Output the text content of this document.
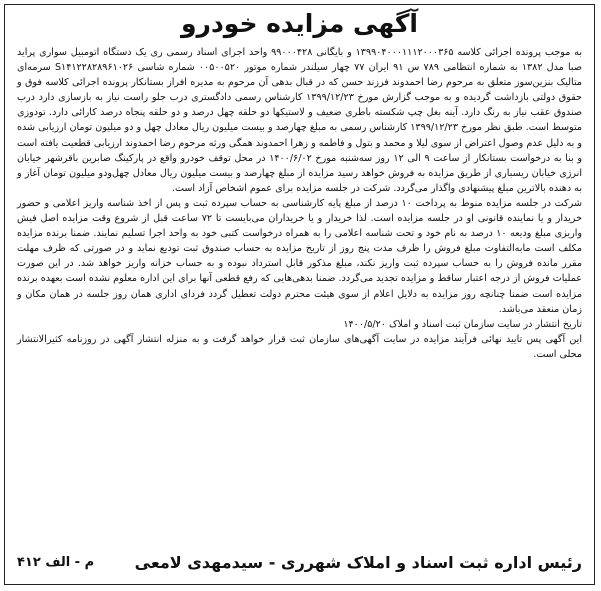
آگهی مزایده خودرو

به موجب پرونده اجرائی کلاسه ۱۳۹۹۰۴۰۰۰۱۱۱۲۰۰۰۳۶۵ و بایگانی ۹۹۰۰۰۴۲۸ واحد اجرای اسناد رسمی ری یک دستگاه اتومبیل سواری پراید صبا مدل ۱۳۸۲ به شماره انتظامی ۷۸۹ س ۹۱ ایران ۷۷ چهار سیلندر شماره موتور ۰۰۵۰۰۵۲۰ شماره شاسی S۱۴۱۲۲۸۲۸۹۶۱۰۲۶ سرمه‌ای متالیک بنزین‌سوز متعلق به مرحوم رضا احمدوند فرزند حسن که در قبال بدهی آن مرحوم به مدیره افراز بستانکار پرونده اجرائی کلاسه فوق و حقوق دولتی بازداشت گردیده و به موجب گزارش مورخ ۱۳۹۹/۱۲/۲۳ کارشناس رسمی دادگستری درب جلو راست نیاز به بازسازی دارد درب صندوق عقب نیاز به رنگ دارد. آینه بغل چپ شکسته باطری ضعیف و لاستیکها دو حلقه چهل درصد و دو حلقه پنجاه درصد کارائی دارد. تودوزی متوسط است. طبق نظر مورخ ۱۳۹۹/۱۲/۲۳ کارشناس رسمی به مبلغ چهارصد و بیست میلیون ریال معادل چهل و دو میلیون تومان ارزیابی شده و به دلیل عدم وصول اعتراض از سوی لیلا و محمد و بتول و فاطمه و زهرا احمدوند همگی ورثه مرحوم رضا احمدوند ارزیابی قطعیت یافته است و بنا به درخواست بستانکار از ساعت ۹ الی ۱۲ روز سه‌شنبه مورخ ۱۴۰۰/۶/۰۲ در محل توقف خودرو واقع در پارکینگ صابرین باقرشهر خیابان انرژی خیابان ریسباری از طریق مزایده به فروش خواهد رسید مزایده از مبلغ چهارصد و بیست میلیون ریال معادل چهل‌ودو میلیون تومان آغاز و به دهنده بالاترین مبلغ پیشنهادی واگذار می‌گردد. شرکت در جلسه مزایده برای عموم اشخاص آزاد است.

شرکت در جلسه مزایده منوط به پرداخت ۱۰ درصد از مبلغ پایه کارشناسی به حساب سپرده ثبت و پس از اخذ شناسه واریز اعلامی و حضور خریدار و یا نماینده قانونی او در جلسه مزایده است. لذا خریدار و یا خریداران می‌بایست تا ۷۲ ساعت قبل از شروع وقت مزایده اصل فیش واریزی مبلغ ودیعه ۱۰ درصد به نام خود و تحت شناسه اعلامی را به همراه درخواست کتبی خود به واحد اجرا تسلیم نمایند. ضمنا برنده مزایده مکلف است مابه‌التفاوت مبلغ فروش را ظرف مدت پنج روز از تاریخ مزایده به حساب صندوق ثبت تودیع نماید و در صورتی که ظرف مهلت مقرر مانده فروش را به حساب سپرده ثبت واریز نکند، مبلغ مذکور قابل استرداد نبوده و به حساب خزانه واریز خواهد شد. در این صورت عملیات فروش از درجه اعتبار ساقط و مزایده تجدید می‌گردد. ضمنا بدهی‌هایی که رفع قطعی آنها برای این اداره معلوم نشده است بعهده برنده مزایده است ضمنا چنانچه روز مزایده به دلایل اعلام از سوی هیئت محترم دولت تعطیل گردد فردای اداری همان روز جلسه در همان مکان و زمان منعقد می‌باشد.

تاریخ انتشار در سایت سازمان ثبت اسناد و املاک ۱۴۰۰/۵/۲۰

این آگهی پس تایید نهائی فرآیند مزایده در سایت آگهی‌های سازمان ثبت قرار خواهد گرفت و به منزله انتشار آگهی در روزنامه کثیرالانتشار محلی است.

رئیس اداره ثبت اسناد و املاک شهرری - سیدمهدی لامعی
م - الف ۴۱۲
